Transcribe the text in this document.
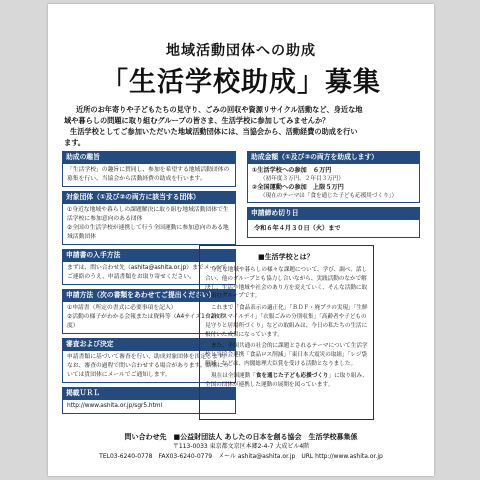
地域活動団体への助成
「生活学校助成」募集

近所のお年寄りや子どもたちの見守り、ごみの回収や資源リサイクル活動など、身近な地

域や暮らしの問題に取り組むグループの皆さま、生活学校に参加してみませんか？

生活学校としてご参加いただいた地域活動団体には、当協会から、活動経費の助成を行い

ます。

助成の趣旨

「生活学校」の趣旨に賛同し、参加を希望する地域活動団体の募集を行い、当協会から活動経費の助成を行います。

対象団体（①及び②の両方に該当する団体）

①身近な地域や暮らしの課題解決に取り組む地域活動団体で生活学校に参加意向のある団体

②全国の生活学校が連携して行う全国運動に参加意向のある地域活動団体

申請書の入手方法

まずは、問い合わせ先（ashita@ashita.or.jp）までメールでご連絡のうえ、申請書類をお取り寄せください。

申請方法（次の書類をあわせてご提出ください）

①申請書（所定の書式に必要事項を記入）

②活動の様子がわかる会報または資料等（A4サイズ1～2枚程度）

審査および決定

申請書類に基づいて審査を行い、助成対象団体を決定します。なお、審査の過程で問い合わせする場合があります。結果については貴団体にメールでご通知します。

掲載ＵＲＬ

http://www.ashita.or.jp/sgr5.html

助成金額（①及び②の両方を助成します）
①生活学校への参加　６万円
（初年度３万円、２年目３万円）
②全国運動への参加　上限５万円
（現在のテーマは「食を通じた子ども応援用づくり」）
申請締め切り日
令和６年４月３０日（火）まで
■生活学校とは？

身近な地域や暮らしの様々な課題について、学び、調べ、話し合い、他のグループとも協力し合いながら、実践活動のなかで解決し、生活や地域や社会のあり方を変えていく、そんな活動に取り組むグループです。

これまで「食品表示の適正化」「ＢＤＦ・廃プラの実現」「生鮮食品のスマイルデイ」「衣服ごみの分別収集」「高齢者や子どもの見守りと居場所づくり」などの取組みは、今日の私たちの生活に根付いた成果になっています。

また、全国共通の社会的に課題とされるテーマについて生活学校と当協会連携「食品ロス削減」「東日本大震災の取組」「レジ袋削減」などは、内閣総理大臣賞を受ける活動となりました。

現在は全国運動「食を通じた子ども応援づくり」に取り組み、全国の団体が連携した運動の展開を図っています。

問い合わせ先　■公益財団法人 あしたの日本を創る協会　生活学校募集係
〒113-0033 東京都文京区本郷2-4-7 大成ビル4階
TEL03-6240-0778　FAX03-6240-0779　メール ashita@ashita.or.jp　URL http://www.ashita.or.jp
